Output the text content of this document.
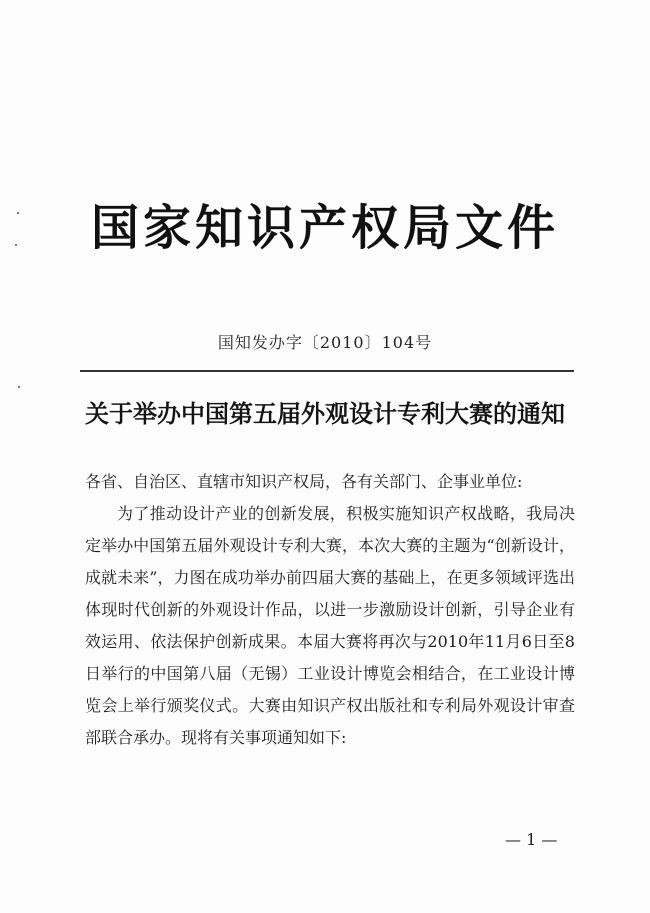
国家知识产权局文件
国知发办字〔2010〕104号
关于举办中国第五届外观设计专利大赛的通知

各省、自治区、直辖市知识产权局，各有关部门、企事业单位:

为了推动设计产业的创新发展，积极实施知识产权战略，我局决定举办中国第五届外观设计专利大赛，本次大赛的主题为“创新设计，成就未来”，力图在成功举办前四届大赛的基础上，在更多领域评选出体现时代创新的外观设计作品，以进一步激励设计创新，引导企业有效运用、依法保护创新成果。本届大赛将再次与2010年11月6日至8日举行的中国第八届（无锡）工业设计博览会相结合，在工业设计博览会上举行颁奖仪式。大赛由知识产权出版社和专利局外观设计审查部联合承办。现将有关事项通知如下:

— 1 —
